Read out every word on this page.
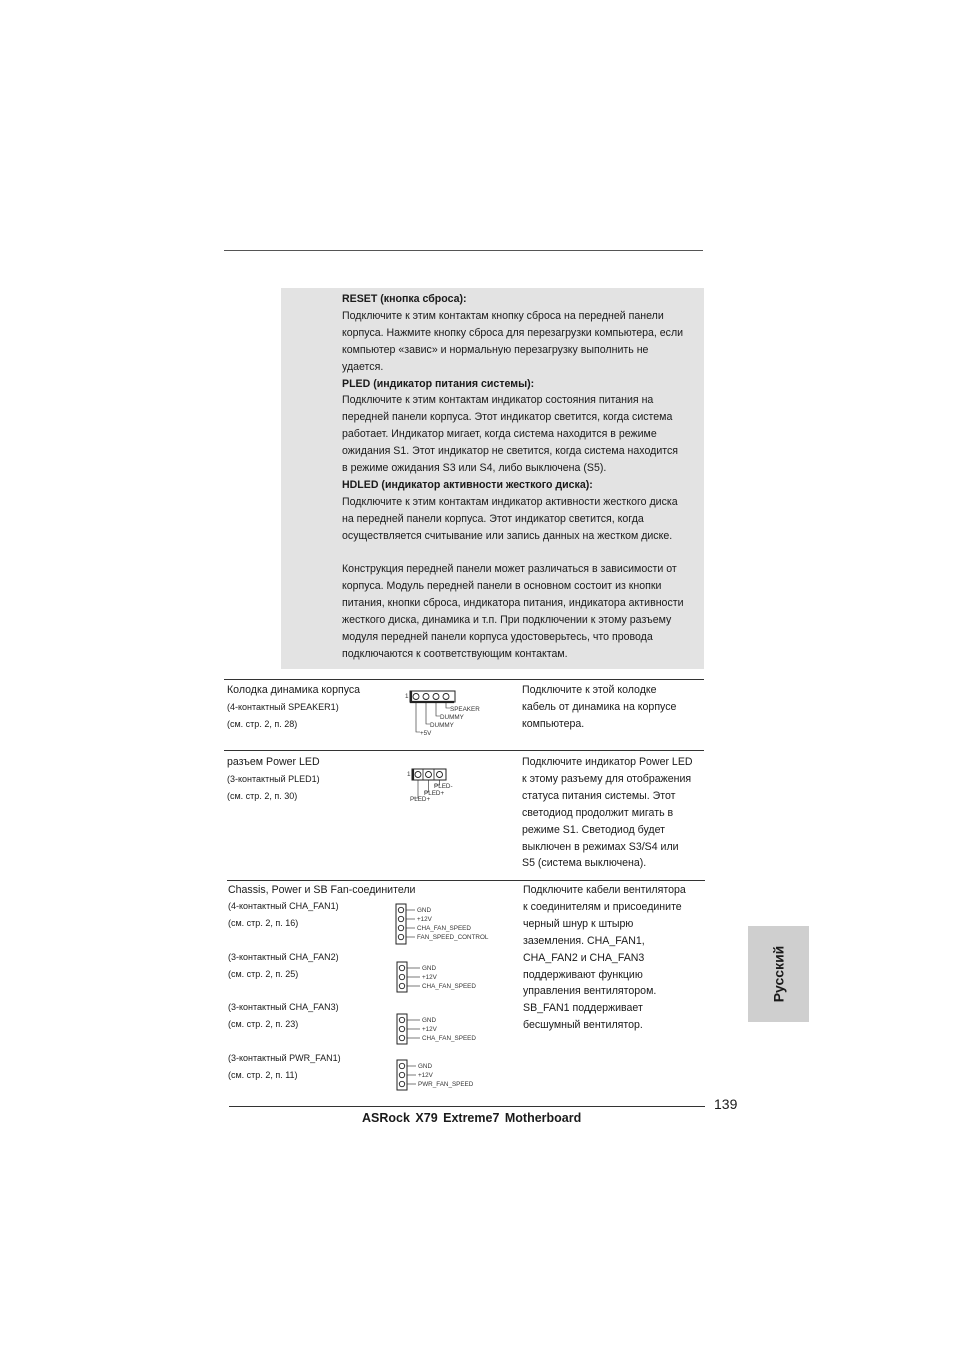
RESET (кнопка сброса):

Подключите к этим контактам кнопку сброса на передней панели

корпуса. Нажмите кнопку сброса для перезагрузки компьютера, если

компьютер «завис» и нормальную перезагрузку выполнить не

удается.

PLED (индикатор питания системы):

Подключите к этим контактам индикатор состояния питания на

передней панели корпуса. Этот индикатор светится, когда система

работает. Индикатор мигает, когда система находится в режиме

ожидания S1. Этот индикатор не светится, когда система находится

в режиме ожидания S3 или S4, либо выключена (S5).

HDLED (индикатор активности жесткого диска):

Подключите к этим контактам индикатор активности жесткого диска

на передней панели корпуса. Этот индикатор светится, когда

осуществляется считывание или запись данных на жестком диске.

Конструкция передней панели может различаться в зависимости от

корпуса. Модуль передней панели в основном состоит из кнопки

питания, кнопки сброса, индикатора питания, индикатора активности

жесткого диска, динамика и т.п. При подключении к этому разъему

модуля передней панели корпуса удостоверьтесь, что провода

подключаются к соответствующим контактам.

Колодка динамика корпуса
(4-контактный SPEAKER1)
(см. стр. 2, п. 28)
1
SPEAKER
DUMMY
DUMMY
+5V

Подключите к этой колодке

кабель от динамика на корпусе

компьютера.

разъем Power LED
(3-контактный PLED1)
(см. стр. 2, п. 30)
1
PLED-
PLED+
PLED+

Подключите индикатор Power LED

к этому разъему для отображения

статуса питания системы. Этот

светодиод продолжит мигать в

режиме S1. Светодиод будет

выключен в режимах S3/S4 или

S5 (система выключена).

Chassis, Power и SB Fan-соединители
(4-контактный CHA_FAN1)
(см. стр. 2, п. 16)
GND
+12V
CHA_FAN_SPEED
FAN_SPEED_CONTROL
(3-контактный CHA_FAN2)
(см. стр. 2, п. 25)
GND
+12V
CHA_FAN_SPEED
(3-контактный CHA_FAN3)
(см. стр. 2, п. 23)	GND
+12V
CHA_FAN_SPEED
(3-контактный PWR_FAN1)
(см. стр. 2, п. 11)
GND
+12V
PWR_FAN_SPEED

Подключите кабели вентилятора

к соединителям и присоедините

черный шнур к штырю

заземления. CHA_FAN1,

CHA_FAN2 и CHA_FAN3

поддерживают функцию

управления вентилятором.

SB_FAN1 поддерживает

бесшумный вентилятор.

Русский
139
ASRock X79 Extreme7 Motherboard
